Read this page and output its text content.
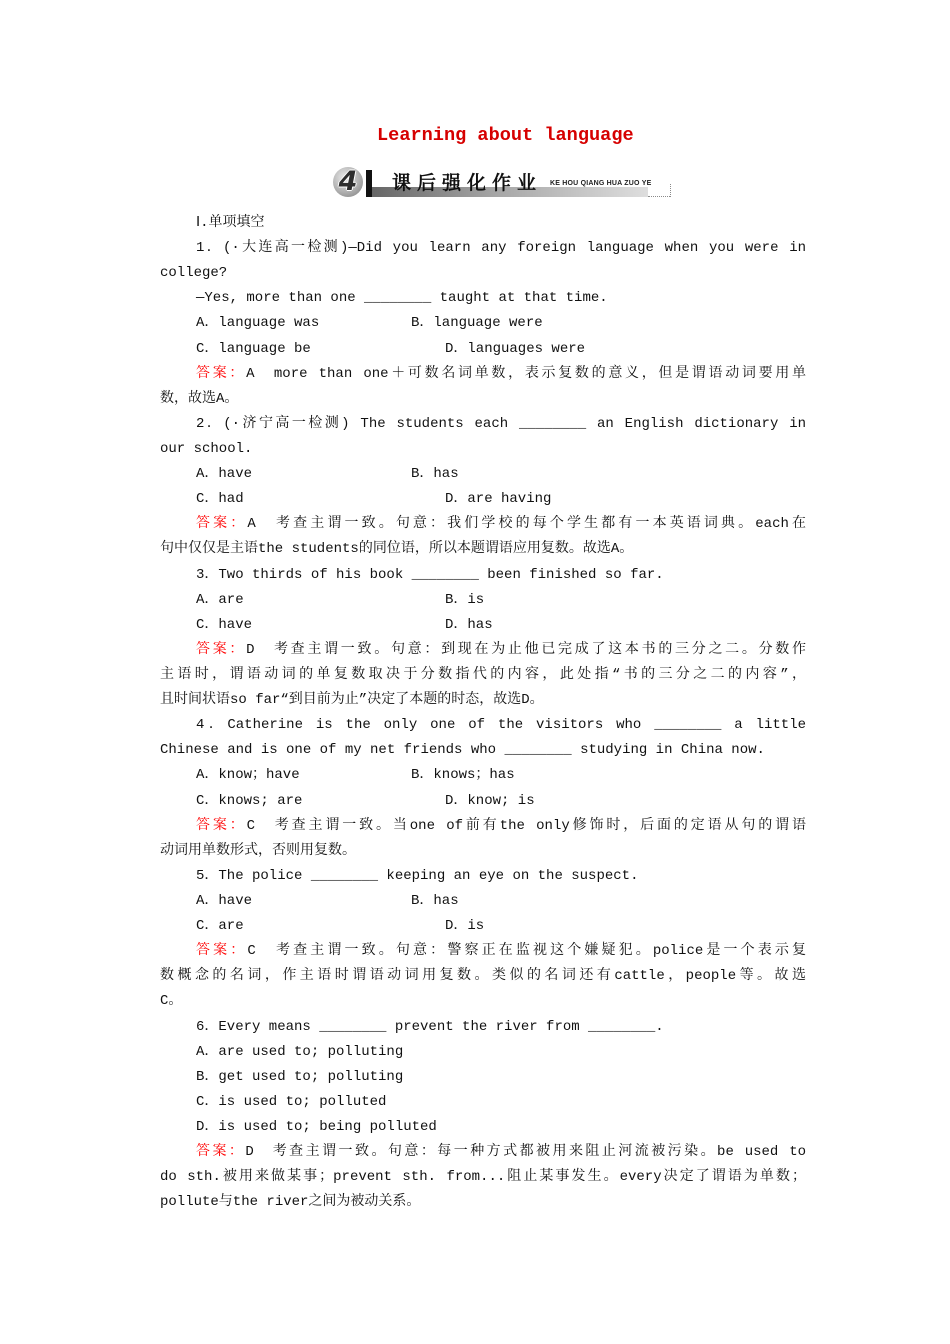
Learning about language
4 课后强化作业 KE HOU QIANG HUA ZUO YE
Ⅰ.单项填空
1．(·大连高一检测)—Did you learn any foreign language when you were in
college?
—Yes, more than one ________ taught at that time.
A．language was	B．language were
C．language be	D．languages were
答案：A　more than one＋可数名词单数，表示复数的意义，但是谓语动词要用单
数，故选A。
2．(·济宁高一检测) The students each ________ an English dictionary in
our school.
A．have	B．has
C．had	D．are having
答案：A　考查主谓一致。句意：我们学校的每个学生都有一本英语词典。each在
句中仅仅是主语the students的同位语，所以本题谓语应用复数。故选A。
3．Two thirds of his book ________ been finished so far.
A．are	B．is
C．have	D．has
答案：D　考查主谓一致。句意：到现在为止他已完成了这本书的三分之二。分数作
主语时，谓语动词的单复数取决于分数指代的内容，此处指“书的三分之二的内容”，
且时间状语so far“到目前为止”决定了本题的时态，故选D。
4．Catherine is the only one of the visitors who ________ a little
Chinese and is one of my net friends who ________ studying in China now.
A．know；have	B．knows；has
C．knows; are	D．know; is
答案：C　考查主谓一致。当one of前有the only修饰时，后面的定语从句的谓语
动词用单数形式，否则用复数。
5．The police ________ keeping an eye on the suspect.
A．have	B．has
C．are	D．is
答案：C　考查主谓一致。句意：警察正在监视这个嫌疑犯。police是一个表示复
数概念的名词，作主语时谓语动词用复数。类似的名词还有cattle，people等。故选
C。
6．Every means ________ prevent the river from ________.
A．are used to; polluting
B．get used to; polluting
C．is used to; polluted
D．is used to; being polluted
答案：D　考查主谓一致。句意：每一种方式都被用来阻止河流被污染。be used to
do sth.被用来做某事；prevent sth. from...阻止某事发生。every决定了谓语为单数；
pollute与the river之间为被动关系。
